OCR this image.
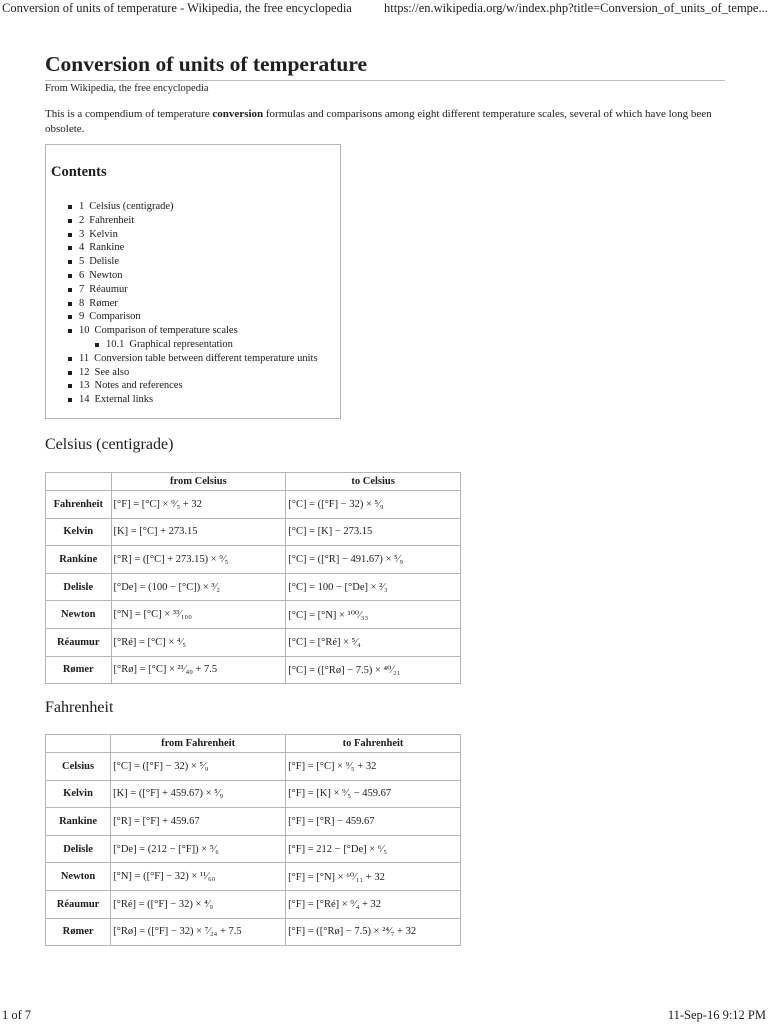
Conversion of units of temperature - Wikipedia, the free encyclopedia	https://en.wikipedia.org/w/index.php?title=Conversion_of_units_of_tempe...
Conversion of units of temperature

From Wikipedia, the free encyclopedia

This is a compendium of temperature conversion formulas and comparisons among eight different temperature scales, several of which have long been obsolete.

Contents
1 Celsius (centigrade)
2 Fahrenheit
3 Kelvin
4 Rankine
5 Delisle
6 Newton
7 Réaumur
8 Rømer
9 Comparison
10 Comparison of temperature scales
10.1 Graphical representation
11 Conversion table between different temperature units
12 See also
13 Notes and references
14 External links
Celsius (centigrade)
	from Celsius	to Celsius
Fahrenheit	[°F] = [°C] × ⁹⁄₅ + 32	[°C] = ([°F] − 32) × ⁵⁄₉
Kelvin	[K] = [°C] + 273.15	[°C] = [K] − 273.15
Rankine	[°R] = ([°C] + 273.15) × ⁹⁄₅	[°C] = ([°R] − 491.67) × ⁵⁄₉
Delisle	[°De] = (100 − [°C]) × ³⁄₂	[°C] = 100 − [°De] × ²⁄₃
Newton	[°N] = [°C] × ³³⁄₁₀₀	[°C] = [°N] × ¹⁰⁰⁄₃₃
Réaumur	[°Ré] = [°C] × ⁴⁄₅	[°C] = [°Ré] × ⁵⁄₄
Rømer	[°Rø] = [°C] × ²¹⁄₄₀ + 7.5	[°C] = ([°Rø] − 7.5) × ⁴⁰⁄₂₁
Fahrenheit
	from Fahrenheit	to Fahrenheit
Celsius	[°C] = ([°F] − 32) × ⁵⁄₉	[°F] = [°C] × ⁹⁄₅ + 32
Kelvin	[K] = ([°F] + 459.67) × ⁵⁄₉	[°F] = [K] × ⁹⁄₅ − 459.67
Rankine	[°R] = [°F] + 459.67	[°F] = [°R] − 459.67
Delisle	[°De] = (212 − [°F]) × ⁵⁄₆	[°F] = 212 − [°De] × ⁶⁄₅
Newton	[°N] = ([°F] − 32) × ¹¹⁄₆₀	[°F] = [°N] × ⁶⁰⁄₁₁ + 32
Réaumur	[°Ré] = ([°F] − 32) × ⁴⁄₉	[°F] = [°Ré] × ⁹⁄₄ + 32
Rømer	[°Rø] = ([°F] − 32) × ⁷⁄₂₄ + 7.5	[°F] = ([°Rø] − 7.5) × ²⁴⁄₇ + 32
1 of 7	11-Sep-16 9:12 PM
